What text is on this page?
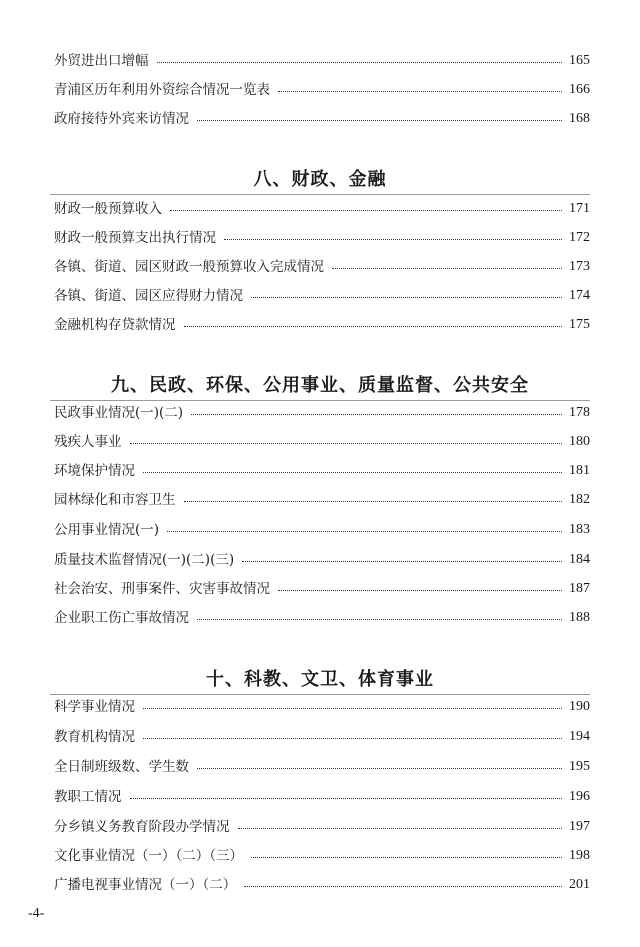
外贸进出口增幅	165
青浦区历年利用外资综合情况一览表	166
政府接待外宾来访情况	168
八、财政、金融
财政一般预算收入	171
财政一般预算支出执行情况	172
各镇、街道、园区财政一般预算收入完成情况	173
各镇、街道、园区应得财力情况	174
金融机构存贷款情况	175
九、民政、环保、公用事业、质量监督、公共安全
民政事业情况(一)(二)	178
残疾人事业	180
环境保护情况	181
园林绿化和市容卫生	182
公用事业情况(一)	183
质量技术监督情况(一)(二)(三)	184
社会治安、刑事案件、灾害事故情况	187
企业职工伤亡事故情况	188
十、科教、文卫、体育事业
科学事业情况	190
教育机构情况	194
全日制班级数、学生数	195
教职工情况	196
分乡镇义务教育阶段办学情况	197
文化事业情况（一）（二）（三）	198
广播电视事业情况（一）（二）	201
-4-
